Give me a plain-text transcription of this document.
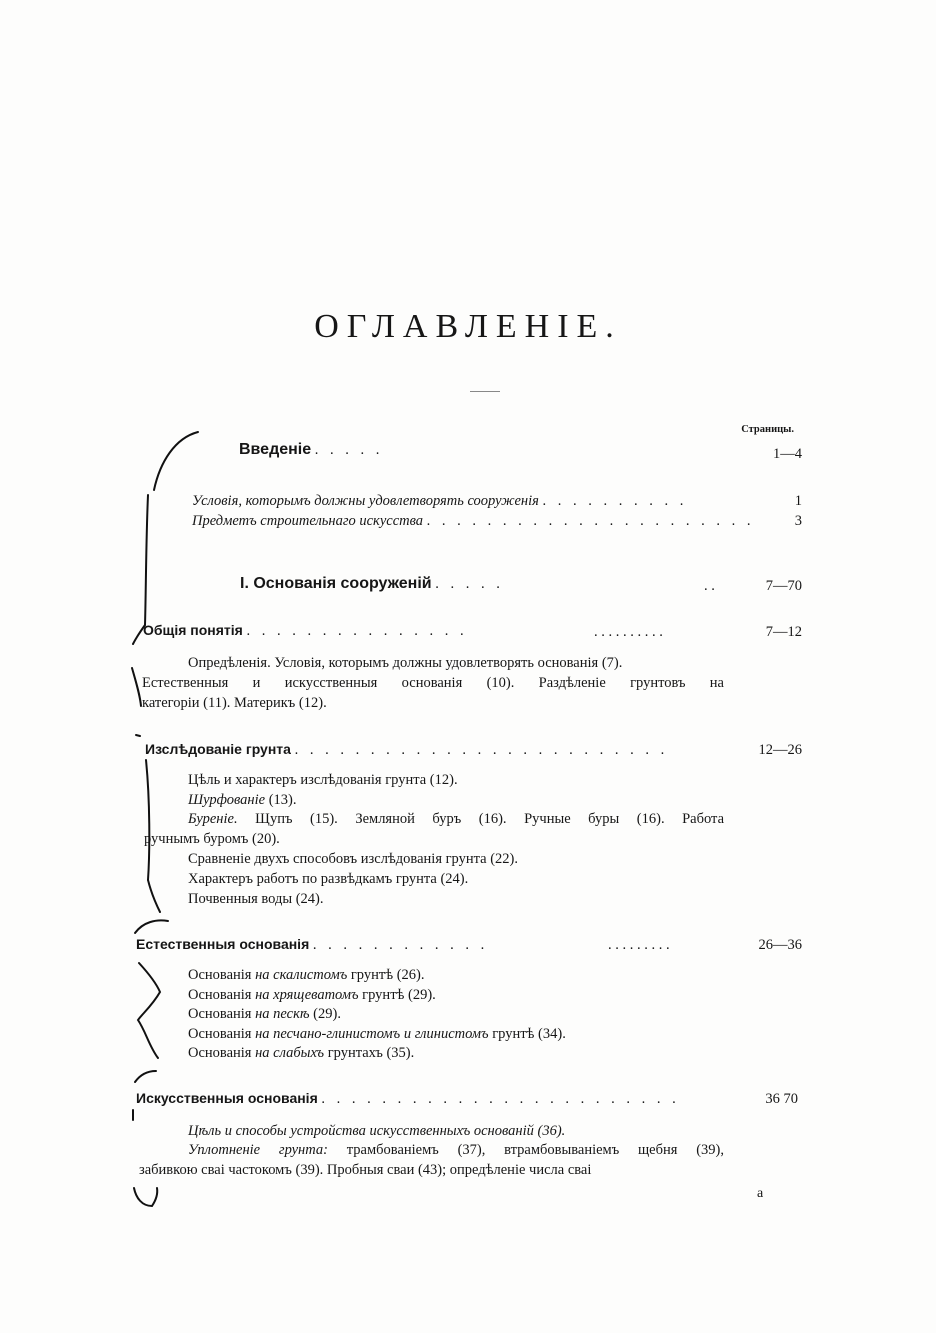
ОГЛАВЛЕНІЕ.
Страницы.
Введеніе . . . . .	1—4
Условія, которымъ должны удовлетворять сооруженія . . . . . . . . . .	1
Предметъ строительнаго искусства . . . . . . . . . . . . . . . . . . . . . .	3
I. Основанія сооруженій . . . . .	. .	7—70
Общія понятія . . . . . . . . . . . . . . .	. . . . . . . . . .	7—12
Опредѣленія. Условія, которымъ должны удовлетворять основанія (7).
Естественныя и искусственныя основанія (10). Раздѣленіе грунтовъ на
категоріи (11). Материкъ (12).
Изслѣдованіе грунта . . . . . . . . . . . . . . . . . . . . . . . . .	12—26
Цѣль и характеръ изслѣдованія грунта (12).
Шурфованіе (13).
Буреніе. Щупъ (15). Земляной буръ (16). Ручные буры (16). Работа
ручнымъ буромъ (20).
Сравненіе двухъ способовъ изслѣдованія грунта (22).
Характеръ работъ по развѣдкамъ грунта (24).
Почвенныя воды (24).
Естественныя основанія . . . . . . . . . . . .	. . . . . . . . .	26—36
Основанія на скалистомъ грунтѣ (26).
Основанія на хрящеватомъ грунтѣ (29).
Основанія на пескѣ (29).
Основанія на песчано-глинистомъ и глинистомъ грунтѣ (34).
Основанія на слабыхъ грунтахъ (35).
Искусственныя основанія . . . . . . . . . . . . . . . . . . . . . . . .	36 70
Цѣль и способы устройства искусственныхъ основаній (36).
Уплотненіе грунта: трамбованіемъ (37), втрамбовываніемъ щебня (39),
забивкою сваі частокомъ (39). Пробныя сваи (43); опредѣленіе числа сваі
а
